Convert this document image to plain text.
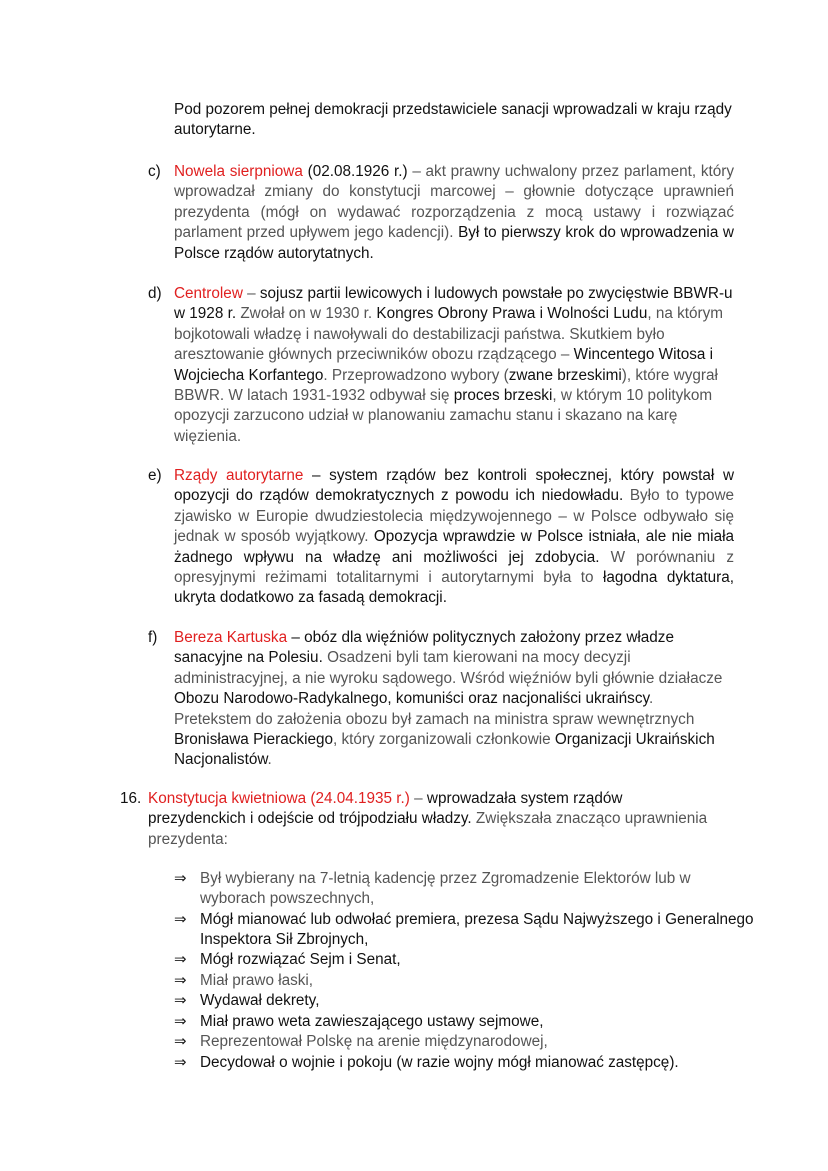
Pod pozorem pełnej demokracji przedstawiciele sanacji wprowadzali w kraju rządy autorytarne.
c) Nowela sierpniowa (02.08.1926 r.) – akt prawny uchwalony przez parlament, który wprowadzał zmiany do konstytucji marcowej – głownie dotyczące uprawnień prezydenta (mógł on wydawać rozporządzenia z mocą ustawy i rozwiązać parlament przed upływem jego kadencji). Był to pierwszy krok do wprowadzenia w Polsce rządów autorytatnych.
d) Centrolew – sojusz partii lewicowych i ludowych powstałe po zwycięstwie BBWR-u w 1928 r. Zwołał on w 1930 r. Kongres Obrony Prawa i Wolności Ludu, na którym bojkotowali władzę i nawoływali do destabilizacji państwa. Skutkiem było aresztowanie głównych przeciwników obozu rządzącego – Wincentego Witosa i Wojciecha Korfantego. Przeprowadzono wybory (zwane brzeskimi), które wygrał BBWR. W latach 1931-1932 odbywał się proces brzeski, w którym 10 politykom opozycji zarzucono udział w planowaniu zamachu stanu i skazano na karę więzienia.
e) Rządy autorytarne – system rządów bez kontroli społecznej, który powstał w opozycji do rządów demokratycznych z powodu ich niedowładu. Było to typowe zjawisko w Europie dwudziestolecia międzywojennego – w Polsce odbywało się jednak w sposób wyjątkowy. Opozycja wprawdzie w Polsce istniała, ale nie miała żadnego wpływu na władzę ani możliwości jej zdobycia. W porównaniu z opresyjnymi reżimami totalitarnymi i autorytarnymi była to łagodna dyktatura, ukryta dodatkowo za fasadą demokracji.
f)	Bereza Kartuska – obóz dla więźniów politycznych założony przez władze sanacyjne na Polesiu. Osadzeni byli tam kierowani na mocy decyzji administracyjnej, a nie wyroku sądowego. Wśród więźniów byli głównie działacze Obozu Narodowo-Radykalnego, komuniści oraz nacjonaliści ukraińscy. Pretekstem do założenia obozu był zamach na ministra spraw wewnętrznych Bronisława Pierackiego, który zorganizowali członkowie Organizacji Ukraińskich Nacjonalistów.
16. Konstytucja kwietniowa (24.04.1935 r.) – wprowadzała system rządów prezydenckich i odejście od trójpodziału władzy. Zwiększała znacząco uprawnienia prezydenta:
⇒ Był wybierany na 7-letnią kadencję przez Zgromadzenie Elektorów lub w wyborach powszechnych,
⇒ Mógł mianować lub odwołać premiera, prezesa Sądu Najwyższego i Generalnego Inspektora Sił Zbrojnych,
⇒ Mógł rozwiązać Sejm i Senat,
⇒ Miał prawo łaski,
⇒ Wydawał dekrety,
⇒ Miał prawo weta zawieszającego ustawy sejmowe,
⇒ Reprezentował Polskę na arenie międzynarodowej,
⇒ Decydował o wojnie i pokoju (w razie wojny mógł mianować zastępcę).
